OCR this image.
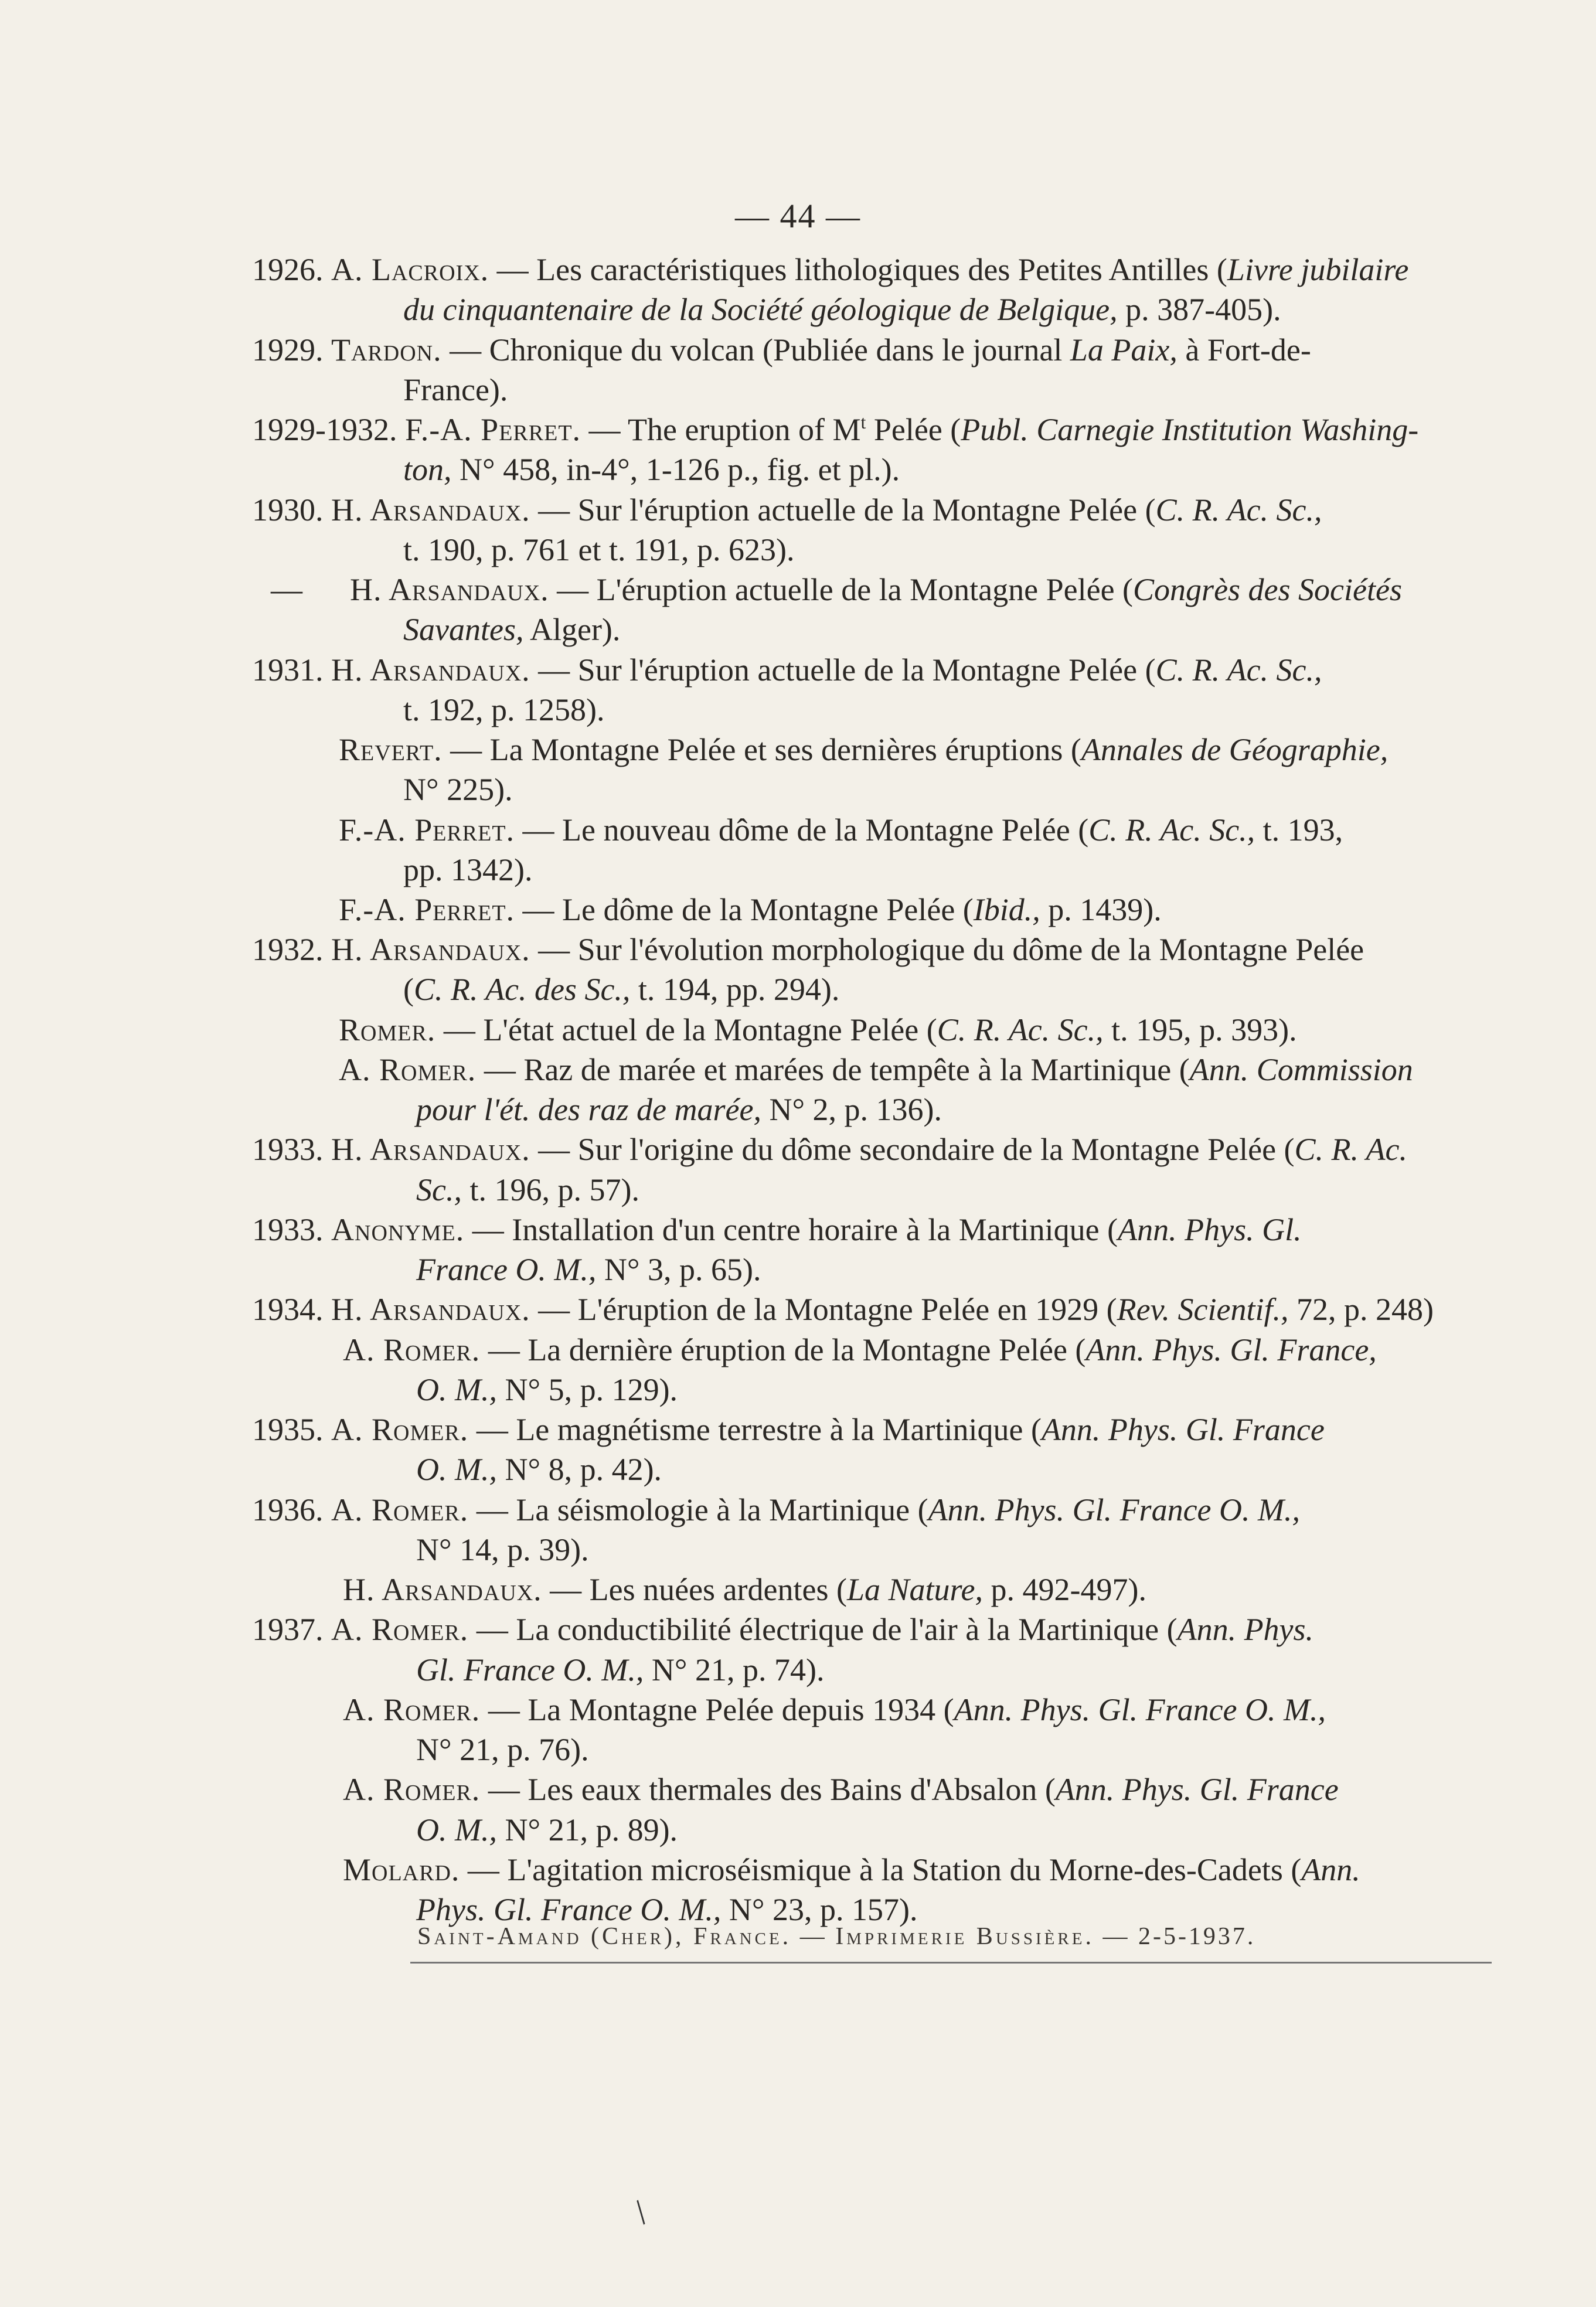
— 44 —
1926. A. Lacroix. — Les caractéristiques lithologiques des Petites Antilles (Livre jubilaire
du cinquantenaire de la Société géologique de Belgique, p. 387-405).
1929. Tardon. — Chronique du volcan (Publiée dans le journal La Paix, à Fort-de-
France).
1929-1932. F.-A. Perret. — The eruption of $M^t$ Pelée (Publ. Carnegie Institution Washing-
ton, N° 458, in-4°, 1-126 p., fig. et pl.).
1930. H. Arsandaux. — Sur l'éruption actuelle de la Montagne Pelée (C. R. Ac. Sc.,
t. 190, p. 761 et t. 191, p. 623).
— H. Arsandaux. — L'éruption actuelle de la Montagne Pelée (Congrès des Sociétés
Savantes, Alger).
1931. H. Arsandaux. — Sur l'éruption actuelle de la Montagne Pelée (C. R. Ac. Sc.,
t. 192, p. 1258).
Revert. — La Montagne Pelée et ses dernières éruptions (Annales de Géographie,
N° 225).
F.-A. Perret. — Le nouveau dôme de la Montagne Pelée (C. R. Ac. Sc., t. 193,
pp. 1342).
F.-A. Perret. — Le dôme de la Montagne Pelée (Ibid., p. 1439).
1932. H. Arsandaux. — Sur l'évolution morphologique du dôme de la Montagne Pelée
(C. R. Ac. des Sc., t. 194, pp. 294).
Romer. — L'état actuel de la Montagne Pelée (C. R. Ac. Sc., t. 195, p. 393).
A. Romer. — Raz de marée et marées de tempête à la Martinique (Ann. Commission
pour l'ét. des raz de marée, N° 2, p. 136).
1933. H. Arsandaux. — Sur l'origine du dôme secondaire de la Montagne Pelée (C. R. Ac.
Sc., t. 196, p. 57).
1933. Anonyme. — Installation d'un centre horaire à la Martinique (Ann. Phys. Gl.
France O. M., N° 3, p. 65).
1934. H. Arsandaux. — L'éruption de la Montagne Pelée en 1929 (Rev. Scientif., 72, p. 248)
A. Romer. — La dernière éruption de la Montagne Pelée (Ann. Phys. Gl. France,
O. M., N° 5, p. 129).
1935. A. Romer. — Le magnétisme terrestre à la Martinique (Ann. Phys. Gl. France
O. M., N° 8, p. 42).
1936. A. Romer. — La séismologie à la Martinique (Ann. Phys. Gl. France O. M.,
N° 14, p. 39).
H. Arsandaux. — Les nuées ardentes (La Nature, p. 492-497).
1937. A. Romer. — La conductibilité électrique de l'air à la Martinique (Ann. Phys.
Gl. France O. M., N° 21, p. 74).
A. Romer. — La Montagne Pelée depuis 1934 (Ann. Phys. Gl. France O. M.,
N° 21, p. 76).
A. Romer. — Les eaux thermales des Bains d'Absalon (Ann. Phys. Gl. France
O. M., N° 21, p. 89).
Molard. — L'agitation microséismique à la Station du Morne-des-Cadets (Ann.
Phys. Gl. France O. M., N° 23, p. 157).
Saint-Amand (Cher), France. — Imprimerie Bussière. — 2-5-1937.
/
